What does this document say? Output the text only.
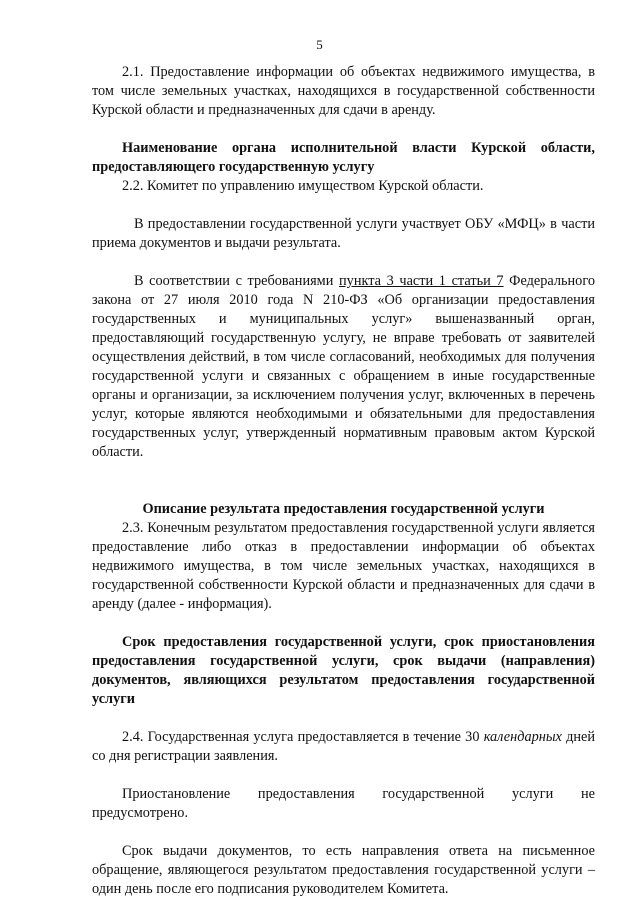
5

2.1. Предоставление информации об объектах недвижимого имущества, в том числе земельных участках, находящихся в государственной собственности Курской области и предназначенных для сдачи в аренду.

Наименование органа исполнительной власти Курской области, предоставляющего государственную услугу

2.2. Комитет по управлению имуществом Курской области.

В предоставлении государственной услуги участвует ОБУ «МФЦ» в части приема документов и выдачи результата.

В соответствии с требованиями пункта 3 части 1 статьи 7 Федерального закона от 27 июля 2010 года N 210-ФЗ «Об организации предоставления государственных и муниципальных услуг» вышеназванный орган, предоставляющий государственную услугу, не вправе требовать от заявителей осуществления действий, в том числе согласований, необходимых для получения государственной услуги и связанных с обращением в иные государственные органы и организации, за исключением получения услуг, включенных в перечень услуг, которые являются необходимыми и обязательными для предоставления государственных услуг, утвержденный нормативным правовым актом Курской области.

Описание результата предоставления государственной услуги

2.3. Конечным результатом предоставления государственной услуги является предоставление либо отказ в предоставлении информации об объектах недвижимого имущества, в том числе земельных участках, находящихся в государственной собственности Курской области и предназначенных для сдачи в аренду (далее - информация).

Срок предоставления государственной услуги, срок приостановления предоставления государственной услуги, срок выдачи (направления) документов, являющихся результатом предоставления государственной услуги

2.4. Государственная услуга предоставляется в течение 30 календарных дней со дня регистрации заявления.

Приостановление предоставления государственной услуги не предусмотрено.

Срок выдачи документов, то есть направления ответа на письменное обращение, являющегося результатом предоставления государственной услуги – один день после его подписания руководителем Комитета.
